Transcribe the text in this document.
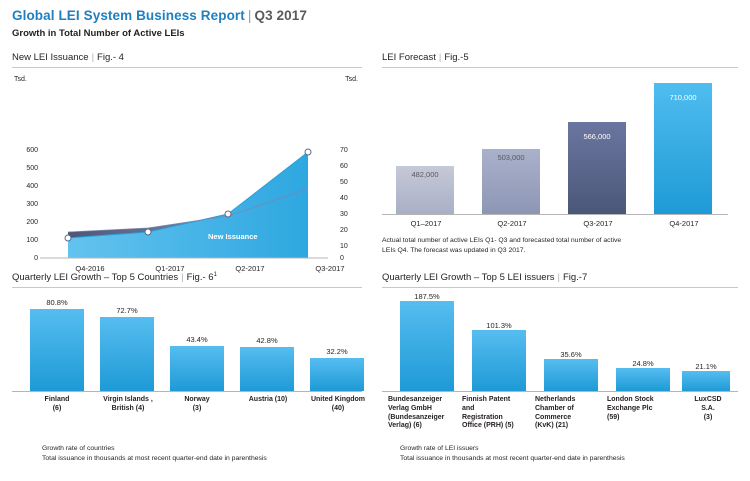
Global LEI System Business Report | Q3 2017
Growth in Total Number of Active LEIs
New LEI Issuance | Fig.- 4
Tsd.	Tsd.
600
500
400
300
200
100
0
70
60
50
40
30
20
10
0
Total Active LEIs
New Issuance
Q4-2016	Q1-2017	Q2-2017	Q3-2017
LEI Forecast | Fig.-5
482,000
503,000
566,000
710,000
Q1–2017	Q2-2017	Q3-2017	Q4-2017
Actual total number of active LEIs Q1- Q3 and forecasted total number of active
LEIs Q4. The forecast was updated in Q3 2017.
Quarterly LEI Growth – Top 5 Countries | Fig.- $6^1$
80.8%
72.7%
43.4%	42.8%
32.2%
Finland
(6)
Virgin Islands ,
British (4)
Norway
(3)
Austria (10)	United Kingdom
(40)
Growth rate of countries
Total issuance in thousands at most recent quarter-end date in parenthesis
Quarterly LEI Growth – Top 5 LEI issuers | Fig.-7
187.5%
101.3%
35.6%
24.8%	21.1%
Bundesanzeiger
Verlag GmbH
(Bundesanzeiger
Verlag) (6)
Finnish Patent
and
Registration
Office (PRH) (5)
Netherlands
Chamber of
Commerce
(KvK) (21)
London Stock
Exchange Plc
(59)
LuxCSD
S.A.
(3)
Growth rate of LEI issuers
Total issuance in thousands at most recent quarter-end date in parenthesis
